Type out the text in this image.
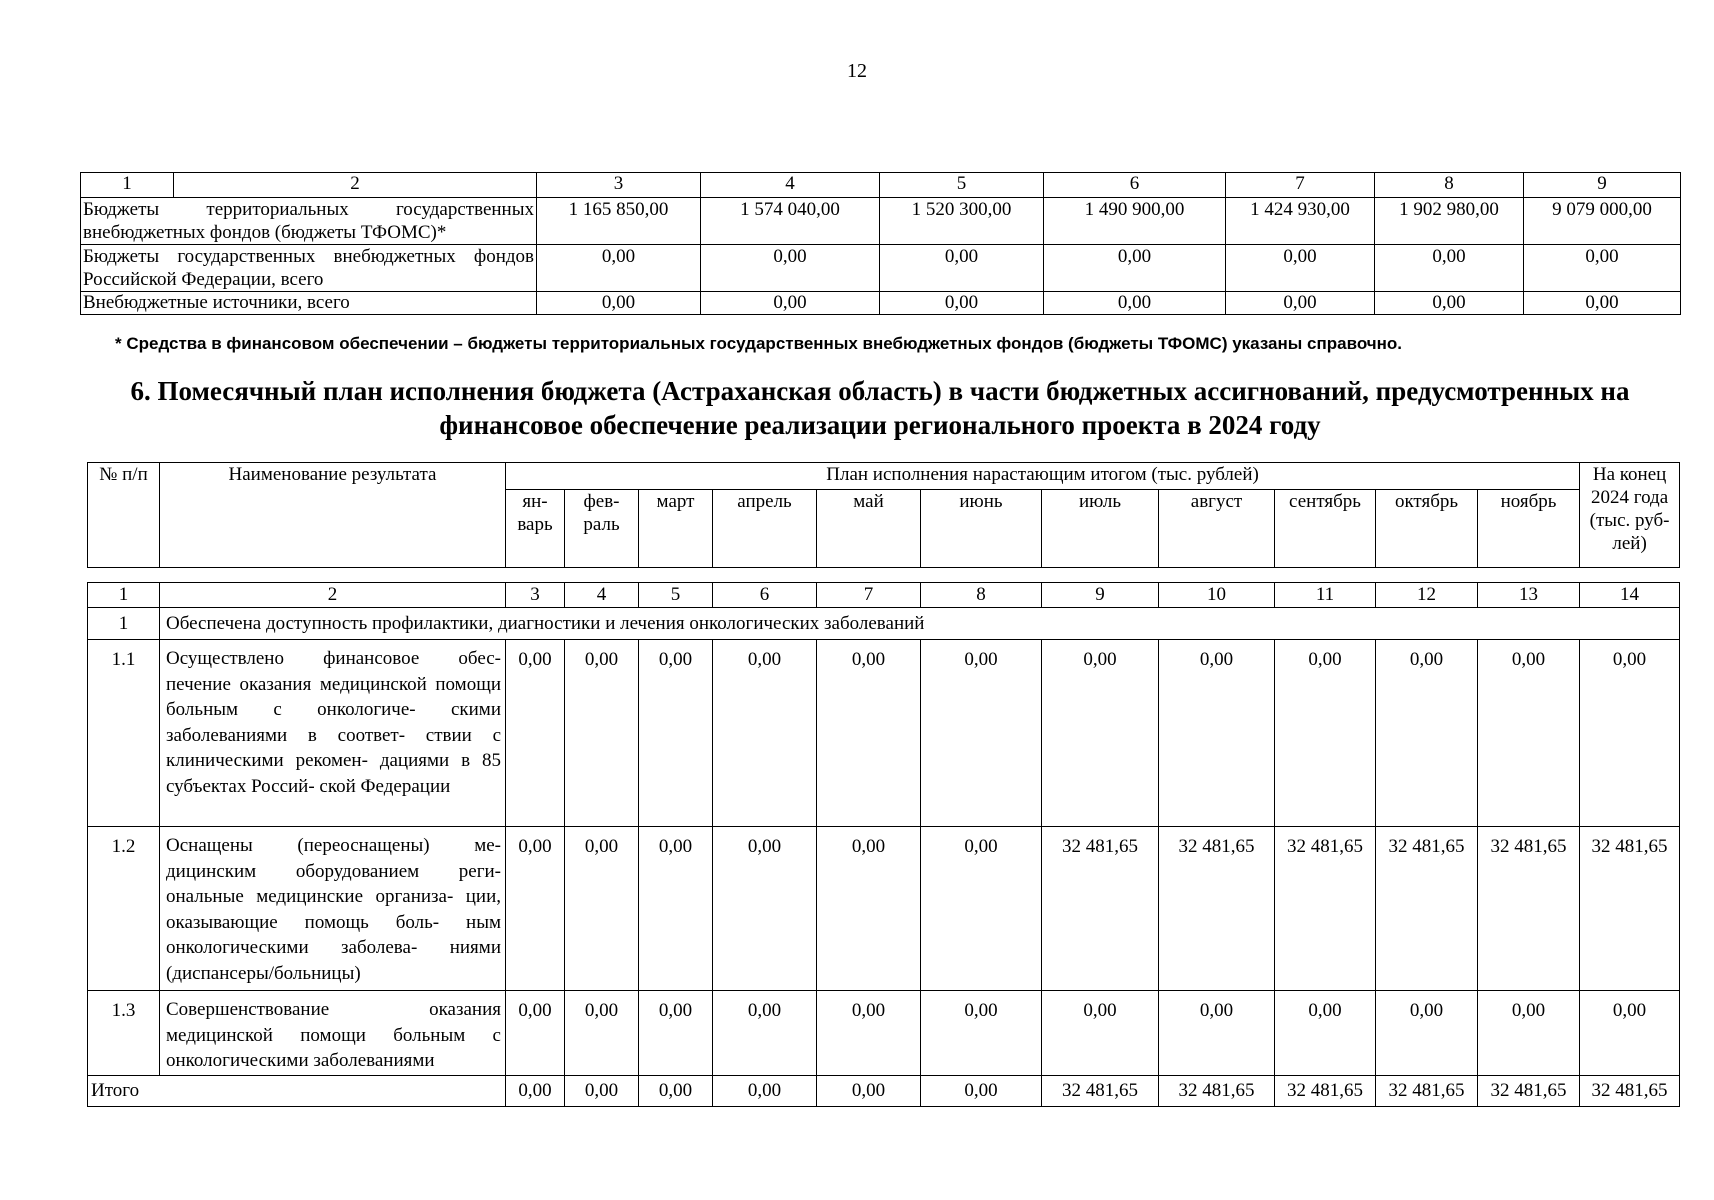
12
1	2	3	4	5	6	7	8	9
Бюджеты территориальных государственных внебюджетных фондов (бюджеты ТФОМС)*		1 165 850,00	1 574 040,00	1 520 300,00	1 490 900,00	1 424 930,00	1 902 980,00	9 079 000,00
Бюджеты государственных внебюджетных фондов Российской Федерации, всего		0,00	0,00	0,00	0,00	0,00	0,00	0,00
Внебюджетные источники, всего		0,00	0,00	0,00	0,00	0,00	0,00	0,00
* Средства в финансовом обеспечении – бюджеты территориальных государственных внебюджетных фондов (бюджеты ТФОМС) указаны справочно.
6. Помесячный план исполнения бюджета (Астраханская область) в части бюджетных ассигнований, предусмотренных на
финансовое обеспечение реализации регионального проекта в 2024 году
№ п/п	Наименование результата	План исполнения нарастающим итогом (тыс. рублей)											На конец 2024 года (тыс. руб- лей)
		ян- варь	фев- раль	март	апрель	май	июнь	июль	август	сентябрь	октябрь	ноябрь	
1	2	3	4	5	6	7	8	9	10	11	12	13	14
1	Обеспечена доступность профилактики, диагностики и лечения онкологических заболеваний												
1.1	Осуществлено финансовое обес- печение оказания медицинской помощи больным с онкологиче- скими заболеваниями в соответ- ствии с клиническими рекомен- дациями в 85 субъектах Россий- ской Федерации	0,00	0,00	0,00	0,00	0,00	0,00	0,00	0,00	0,00	0,00	0,00	0,00
1.2	Оснащены (переоснащены) ме- дицинским оборудованием реги- ональные медицинские организа- ции, оказывающие помощь боль- ным онкологическими заболева- ниями (диспансеры/больницы)	0,00	0,00	0,00	0,00	0,00	0,00	32 481,65	32 481,65	32 481,65	32 481,65	32 481,65	32 481,65
1.3	Совершенствование оказания медицинской помощи больным с онкологическими заболеваниями	0,00	0,00	0,00	0,00	0,00	0,00	0,00	0,00	0,00	0,00	0,00	0,00
Итого		0,00	0,00	0,00	0,00	0,00	0,00	32 481,65	32 481,65	32 481,65	32 481,65	32 481,65	32 481,65
